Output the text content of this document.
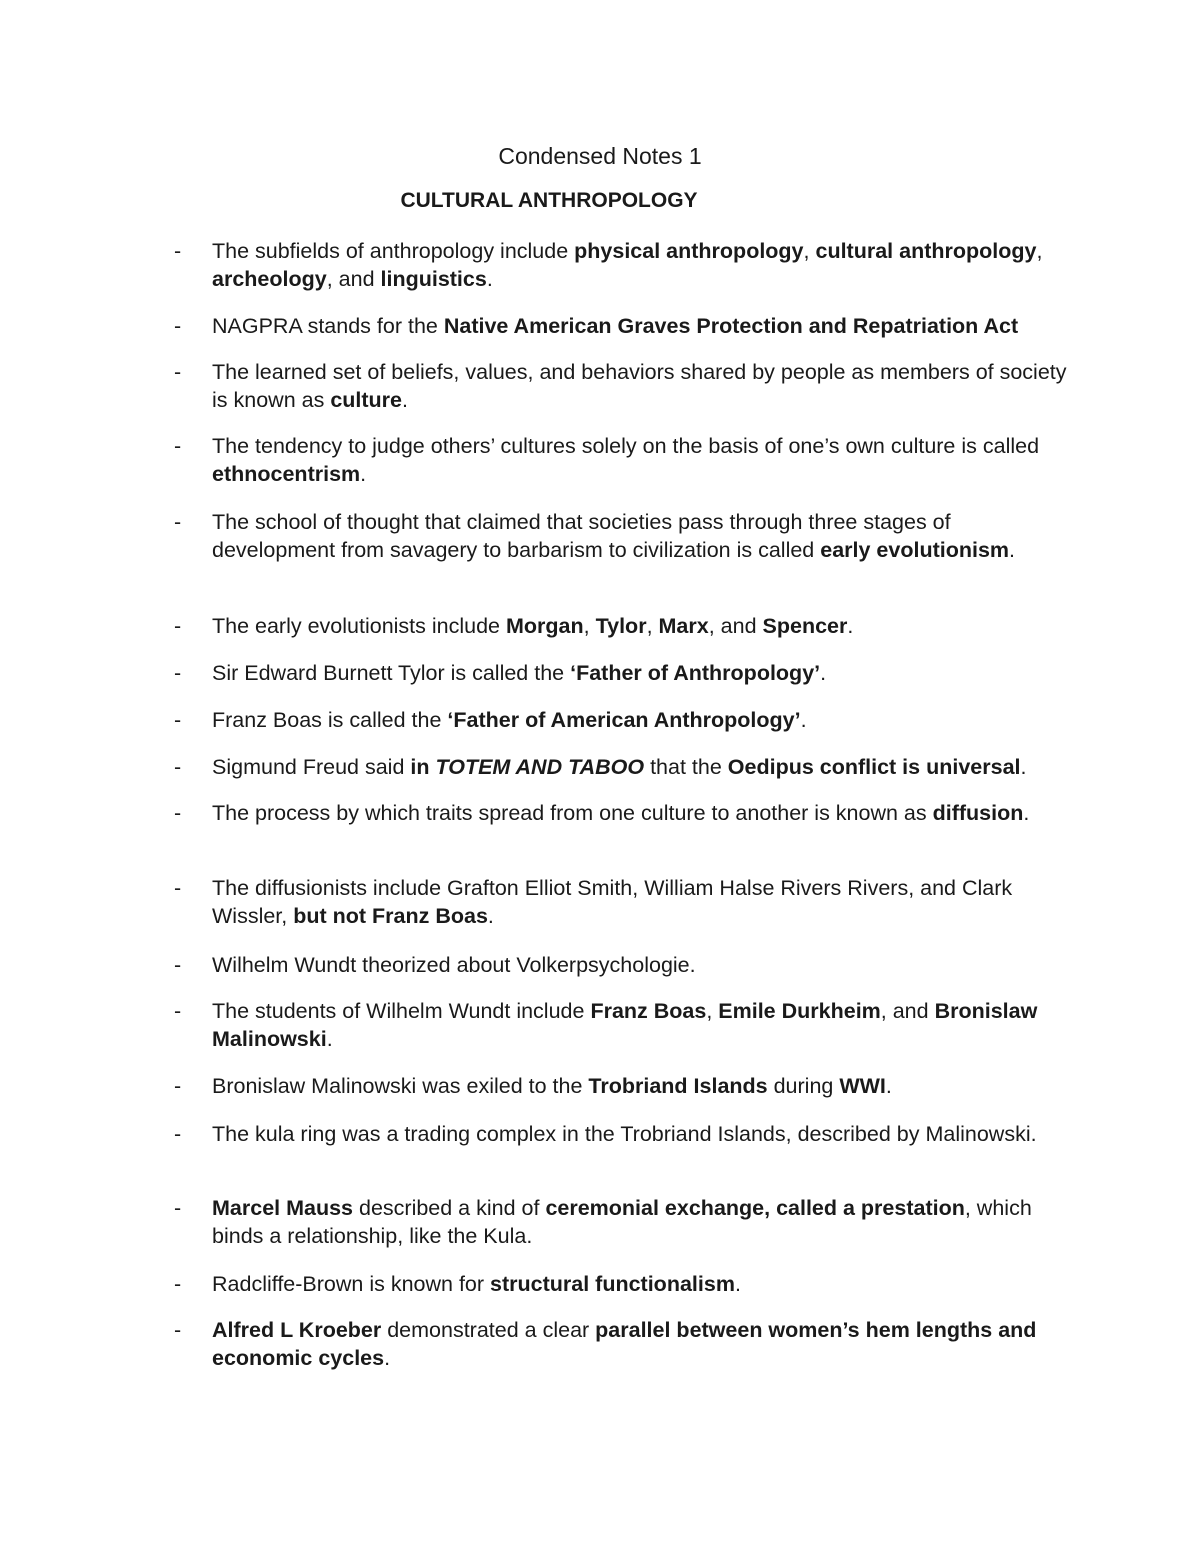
Condensed Notes 1
CULTURAL ANTHROPOLOGY
- The subfields of anthropology include physical anthropology, cultural anthropology, archeology, and linguistics.
- NAGPRA stands for the Native American Graves Protection and Repatriation Act
- The learned set of beliefs, values, and behaviors shared by people as members of society is known as culture.
- The tendency to judge others’ cultures solely on the basis of one’s own culture is called ethnocentrism.
- The school of thought that claimed that societies pass through three stages of development from savagery to barbarism to civilization is called early evolutionism.
- The early evolutionists include Morgan, Tylor, Marx, and Spencer.
- Sir Edward Burnett Tylor is called the ‘Father of Anthropology’.
- Franz Boas is called the ‘Father of American Anthropology’.
- Sigmund Freud said in TOTEM AND TABOO that the Oedipus conflict is universal.
- The process by which traits spread from one culture to another is known as diffusion.
- The diffusionists include Grafton Elliot Smith, William Halse Rivers Rivers, and Clark Wissler, but not Franz Boas.
- Wilhelm Wundt theorized about Volkerpsychologie.
- The students of Wilhelm Wundt include Franz Boas, Emile Durkheim, and Bronislaw Malinowski.
- Bronislaw Malinowski was exiled to the Trobriand Islands during WWI.
- The kula ring was a trading complex in the Trobriand Islands, described by Malinowski.
- Marcel Mauss described a kind of ceremonial exchange, called a prestation, which binds a relationship, like the Kula.
- Radcliffe-Brown is known for structural functionalism.
- Alfred L Kroeber demonstrated a clear parallel between women’s hem lengths and economic cycles.
